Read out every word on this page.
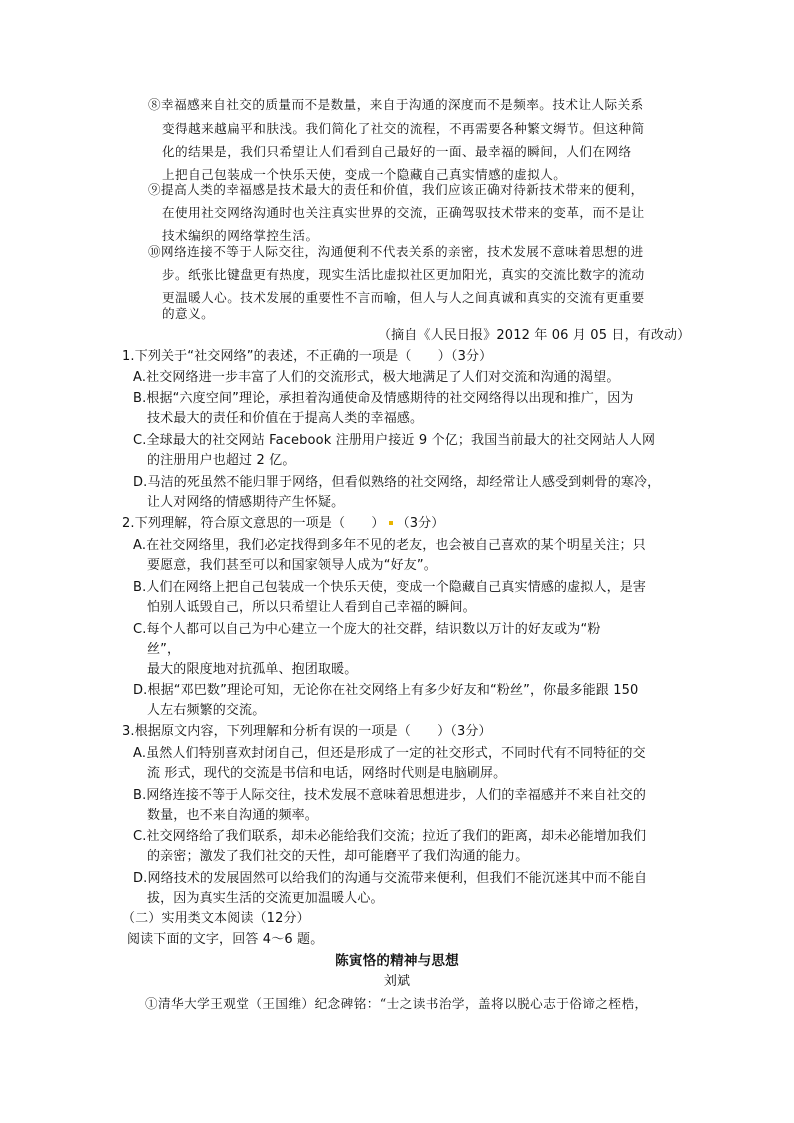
⑧幸福感来自社交的质量而不是数量，来自于沟通的深度而不是频率。技术让人际关系
变得越来越扁平和肤浅。我们简化了社交的流程，不再需要各种繁文缛节。但这种简
化的结果是，我们只希望让人们看到自己最好的一面、最幸福的瞬间，人们在网络
上把自己包装成一个快乐天使，变成一个隐藏自己真实情感的虚拟人。
⑨提高人类的幸福感是技术最大的责任和价值，我们应该正确对待新技术带来的便利，
在使用社交网络沟通时也关注真实世界的交流，正确驾驭技术带来的变革，而不是让
技术编织的网络掌控生活。
⑩网络连接不等于人际交往，沟通便利不代表关系的亲密，技术发展不意味着思想的进
步。纸张比键盘更有热度，现实生活比虚拟社区更加阳光，真实的交流比数字的流动
更温暖人心。技术发展的重要性不言而喻，但人与人之间真诚和真实的交流有更重要
的意义。
（摘自《人民日报》2012 年 06 月 05 日，有改动）
1.下列关于“社交网络”的表述，不正确的一项是（　　）（3分）
A.社交网络进一步丰富了人们的交流形式，极大地满足了人们对交流和沟通的渴望。
B.根据“六度空间”理论，承担着沟通使命及情感期待的社交网络得以出现和推广，因为
技术最大的责任和价值在于提高人类的幸福感。
C.全球最大的社交网站 Facebook 注册用户接近 9 个亿；我国当前最大的社交网站人人网
的注册用户也超过 2 亿。
D.马洁的死虽然不能归罪于网络，但看似熟络的社交网络，却经常让人感受到刺骨的寒冷，
让人对网络的情感期待产生怀疑。
2.下列理解，符合原文意思的一项是（　　） （3分）
A.在社交网络里，我们必定找得到多年不见的老友，也会被自己喜欢的某个明星关注；只
要愿意，我们甚至可以和国家领导人成为“好友”。
B.人们在网络上把自己包装成一个快乐天使，变成一个隐藏自己真实情感的虚拟人，是害
怕别人诋毁自己，所以只希望让人看到自己幸福的瞬间。
C.每个人都可以自己为中心建立一个庞大的社交群，结识数以万计的好友或为“粉
丝”，
最大的限度地对抗孤单、抱团取暖。
D.根据“邓巴数”理论可知，无论你在社交网络上有多少好友和“粉丝”，你最多能跟 150
人左右频繁的交流。
3.根据原文内容，下列理解和分析有误的一项是（　　）（3分）
A.虽然人们特别喜欢封闭自己，但还是形成了一定的社交形式，不同时代有不同特征的交
流 形式，现代的交流是书信和电话，网络时代则是电脑刷屏。
B.网络连接不等于人际交往，技术发展不意味着思想进步，人们的幸福感并不来自社交的
数量，也不来自沟通的频率。
C.社交网络给了我们联系，却未必能给我们交流；拉近了我们的距离，却未必能增加我们
的亲密；激发了我们社交的天性，却可能磨平了我们沟通的能力。
D.网络技术的发展固然可以给我们的沟通与交流带来便利，但我们不能沉迷其中而不能自
拔，因为真实生活的交流更加温暖人心。
（二）实用类文本阅读（12分）
阅读下面的文字，回答 4～6 题。
陈寅恪的精神与思想
刘斌
①清华大学王观堂（王国维）纪念碑铭：“士之读书治学，盖将以脱心志于俗谛之桎梏，
